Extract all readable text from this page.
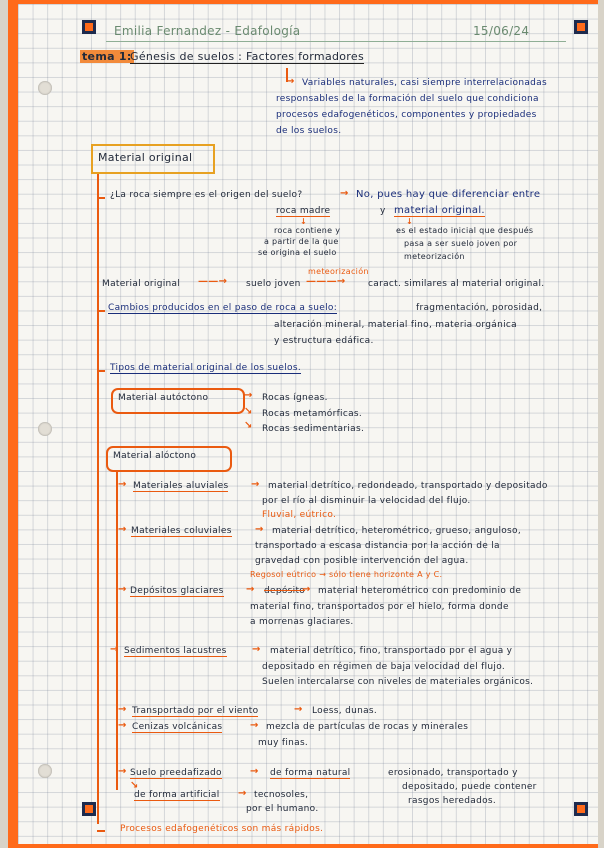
Emilia Fernandez - Edafología	15/06/24
tema 1:
Génesis de suelos : Factores formadores
→ Variables naturales, casi siempre interrelacionadas
responsables de la formación del suelo que condiciona
procesos edafogenéticos, componentes y propiedades
de los suelos.
Material original
¿La roca siempre es el origen del suelo?	→ No, pues hay que diferenciar entre
roca madre	y material original.
↓	↓
roca contiene y
a partir de la que
se origina el suelo
es el estado inicial que después
pasa a ser suelo joven por
meteorización
Material original ——→ suelo joven
meteorización
———→ caract. similares al material original.
Cambios producidos en el paso de roca a suelo:	fragmentación, porosidad,
alteración mineral, material fino, materia orgánica
y estructura edáfica.
Tipos de material original de los suelos.
Material autóctono	→
↘
↘
Rocas ígneas.
Rocas metamórficas.
Rocas sedimentarias.
Material alóctono
→ Materiales aluviales → material detrítico, redondeado, transportado y depositado
por el río al disminuir la velocidad del flujo.
Fluvial, eútrico.
→ Materiales coluviales → material detrítico, heterométrico, grueso, anguloso,
transportado a escasa distancia por la acción de la
gravedad con posible intervención del agua.
Regosol eútrico → sólo tiene horizonte A y C.
→ Depósitos glaciares → depósito
→ material heterométrico con predominio de
material fino, transportados por el hielo, forma donde
a morrenas glaciares.
→ Sedimentos lacustres	→ material detrítico, fino, transportado por el agua y
depositado en régimen de baja velocidad del flujo.
Suelen intercalarse con niveles de materiales orgánicos.
→ Transportado por el viento	→ Loess, dunas.
→ Cenizas volcánicas	→ mezcla de partículas de rocas y minerales
muy finas.
→ Suelo preedafizado	→ de forma natural	erosionado, transportado y
depositado, puede contener
rasgos heredados.
↘
de forma artificial → tecnosoles,
por el humano.
Procesos edafogenéticos son más rápidos.
